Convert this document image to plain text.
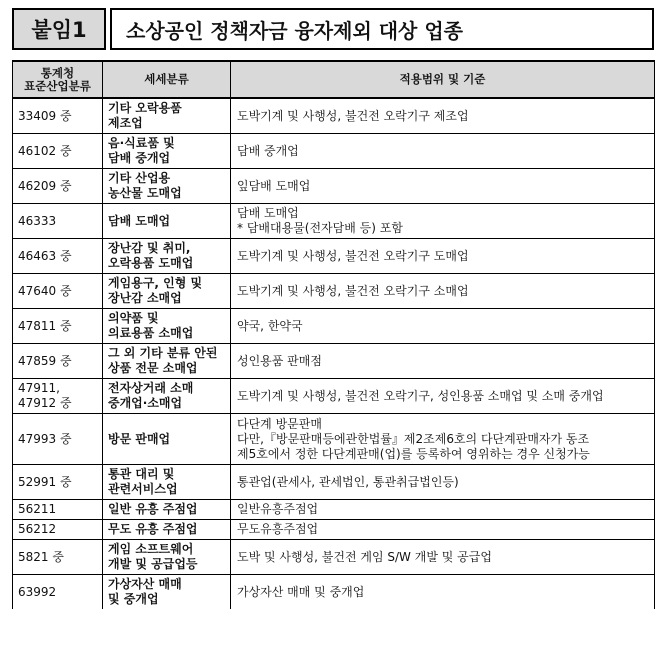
붙임1	소상공인 정책자금 융자제외 대상 업종
통계청
표준산업분류	세세분류	적용범위 및 기준

33409 중	기타 오락용품
제조업	도박기계 및 사행성, 불건전 오락기구 제조업

46102 중	음·식료품 및
담배 중개업	담배 중개업

46209 중	기타 산업용
농산물 도매업	잎담배 도매업

46333	담배 도매업	담배 도매업
* 담배대용물(전자담배 등) 포함

46463 중	장난감 및 취미,
오락용품 도매업	도박기계 및 사행성, 불건전 오락기구 도매업

47640 중	게임용구, 인형 및
장난감 소매업	도박기계 및 사행성, 불건전 오락기구 소매업

47811 중	의약품 및
의료용품 소매업	약국, 한약국

47859 중	그 외 기타 분류 안된
상품 전문 소매업	성인용품 판매점

47911,
47912 중	전자상거래 소매
중개업·소매업	도박기계 및 사행성, 불건전 오락기구, 성인용품 소매업 및 소매 중개업

47993 중	방문 판매업	다단계 방문판매
다만,『방문판매등에관한법률』제2조제6호의 다단계판매자가 동조
제5호에서 정한 다단계판매(업)를 등록하여 영위하는 경우 신청가능

52991 중	통관 대리 및
관련서비스업	통관업(관세사, 관세법인, 통관취급법인등)

56211	일반 유흥 주점업	일반유흥주점업

56212	무도 유흥 주점업	무도유흥주점업

5821 중	게임 소프트웨어
개발 및 공급업등	도박 및 사행성, 불건전 게임 S/W 개발 및 공급업

63992	가상자산 매매
및 중개업	가상자산 매매 및 중개업
